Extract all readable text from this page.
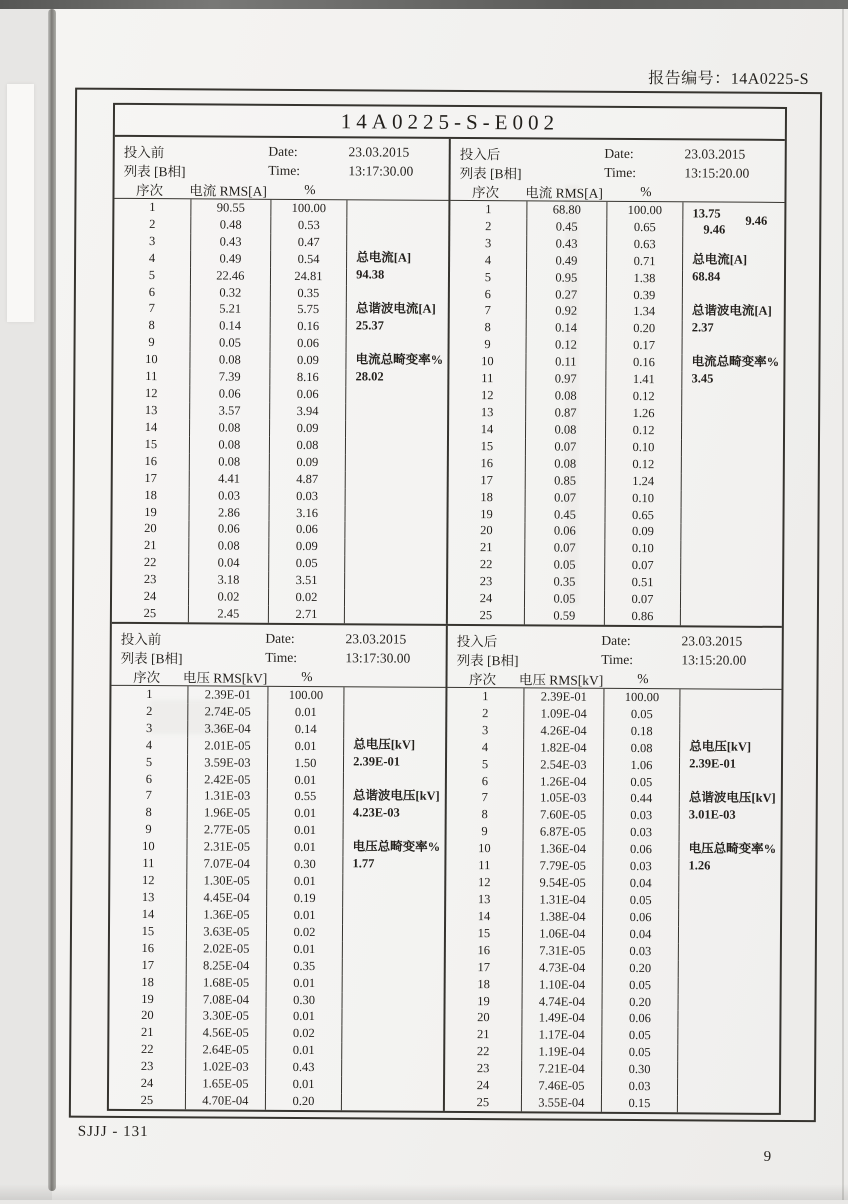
报告编号：14A0225-S
14A0225-S-E002
投入前	Date:	23.03.2015
列表 [B相]	Time:	13:17:30.00
序次	电流 RMS[A]	%
1	90.55	100.00
2	0.48	0.53
3	0.43	0.47
4	0.49	0.54
5	22.46	24.81
6	0.32	0.35
7	5.21	5.75
8	0.14	0.16
9	0.05	0.06
10	0.08	0.09
11	7.39	8.16
12	0.06	0.06
13	3.57	3.94
14	0.08	0.09
15	0.08	0.08
16	0.08	0.09
17	4.41	4.87
18	0.03	0.03
19	2.86	3.16
20	0.06	0.06
21	0.08	0.09
22	0.04	0.05
23	3.18	3.51
24	0.02	0.02
25	2.45	2.71
总电流[A]
94.38
总谐波电流[A]
25.37
电流总畸变率%
28.02
投入后	Date:	23.03.2015
列表 [B相]	Time:	13:15:20.00
序次	电流 RMS[A]	%
1	68.80	100.00
2	0.45	0.65
3	0.43	0.63
4	0.49	0.71
5	0.95	1.38
6	0.27	0.39
7	0.92	1.34
8	0.14	0.20
9	0.12	0.17
10	0.11	0.16
11	0.97	1.41
12	0.08	0.12
13	0.87	1.26
14	0.08	0.12
15	0.07	0.10
16	0.08	0.12
17	0.85	1.24
18	0.07	0.10
19	0.45	0.65
20	0.06	0.09
21	0.07	0.10
22	0.05	0.07
23	0.35	0.51
24	0.05	0.07
25	0.59	0.86
13.75
9.46
9.46
总电流[A]
68.84
总谐波电流[A]
2.37
电流总畸变率%
3.45
投入前	Date:	23.03.2015
列表 [B相]	Time:	13:17:30.00
序次	电压 RMS[kV]	%
1	2.39E-01	100.00
2	2.74E-05	0.01
3	3.36E-04	0.14
4	2.01E-05	0.01
5	3.59E-03	1.50
6	2.42E-05	0.01
7	1.31E-03	0.55
8	1.96E-05	0.01
9	2.77E-05	0.01
10	2.31E-05	0.01
11	7.07E-04	0.30
12	1.30E-05	0.01
13	4.45E-04	0.19
14	1.36E-05	0.01
15	3.63E-05	0.02
16	2.02E-05	0.01
17	8.25E-04	0.35
18	1.68E-05	0.01
19	7.08E-04	0.30
20	3.30E-05	0.01
21	4.56E-05	0.02
22	2.64E-05	0.01
23	1.02E-03	0.43
24	1.65E-05	0.01
25	4.70E-04	0.20
总电压[kV]
2.39E-01
总谐波电压[kV]
4.23E-03
电压总畸变率%
1.77
投入后	Date:	23.03.2015
列表 [B相]	Time:	13:15:20.00
序次	电压 RMS[kV]	%
1	2.39E-01	100.00
2	1.09E-04	0.05
3	4.26E-04	0.18
4	1.82E-04	0.08
5	2.54E-03	1.06
6	1.26E-04	0.05
7	1.05E-03	0.44
8	7.60E-05	0.03
9	6.87E-05	0.03
10	1.36E-04	0.06
11	7.79E-05	0.03
12	9.54E-05	0.04
13	1.31E-04	0.05
14	1.38E-04	0.06
15	1.06E-04	0.04
16	7.31E-05	0.03
17	4.73E-04	0.20
18	1.10E-04	0.05
19	4.74E-04	0.20
20	1.49E-04	0.06
21	1.17E-04	0.05
22	1.19E-04	0.05
23	7.21E-04	0.30
24	7.46E-05	0.03
25	3.55E-04	0.15
总电压[kV]
2.39E-01
总谐波电压[kV]
3.01E-03
电压总畸变率%
1.26
SJJJ - 131
9
